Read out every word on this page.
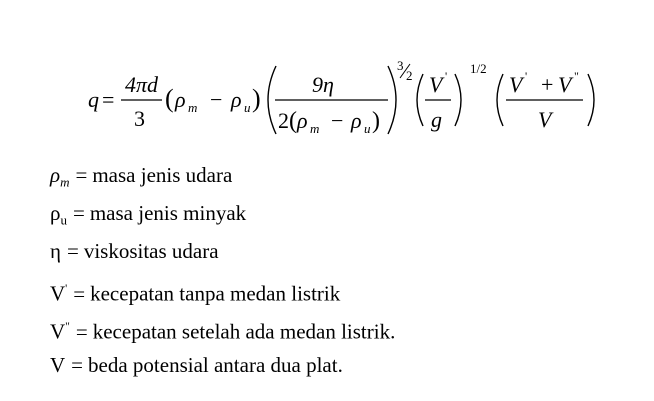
q =
4πd
3
( ρ m − ρ u ) 9η
2 ( ρ m − ρ u )
3
2 V '
g
1/2
V ' + V "
V
$\rho_m$ = masa jenis udara
$\rho_u$ = masa jenis minyak
η = viskositas udara
V' = kecepatan tanpa medan listrik
V" = kecepatan setelah ada medan listrik.
V = beda potensial antara dua plat.
